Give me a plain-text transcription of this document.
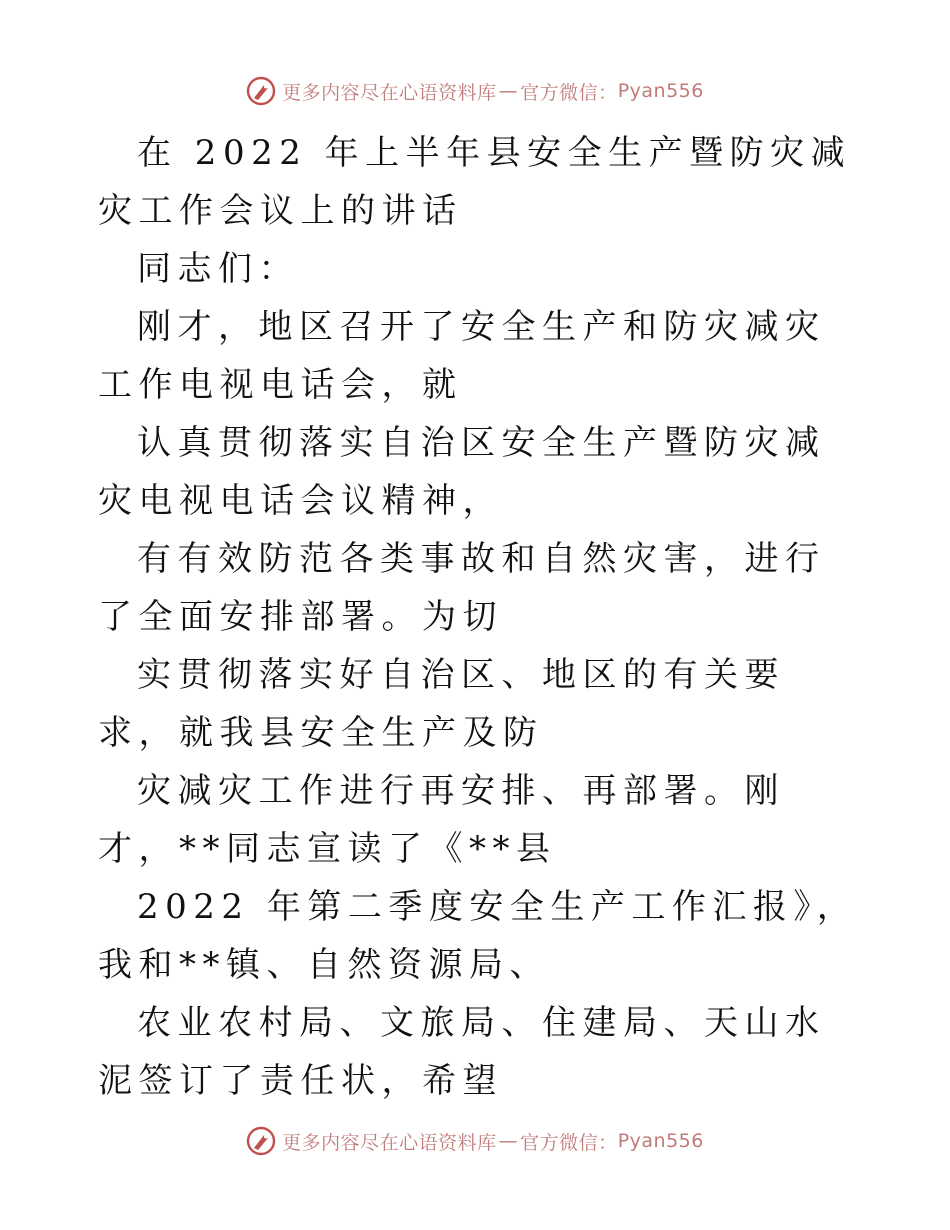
更多内容尽在心语资料库 — 官方微信： Pyan556

在 2022 年上半年县安全生产暨防灾减灾工作会议上的讲话

同志们：

刚才，地区召开了安全生产和防灾减灾工作电视电话会，就

认真贯彻落实自治区安全生产暨防灾减灾电视电话会议精神，

有有效防范各类事故和自然灾害，进行了全面安排部署。为切

实贯彻落实好自治区、地区的有关要求，就我县安全生产及防

灾减灾工作进行再安排、再部署。刚才，**同志宣读了《**县

2022 年第二季度安全生产工作汇报》，我和**镇、自然资源局、

农业农村局、文旅局、住建局、天山水泥签订了责任状，希望

更多内容尽在心语资料库 — 官方微信： Pyan556
